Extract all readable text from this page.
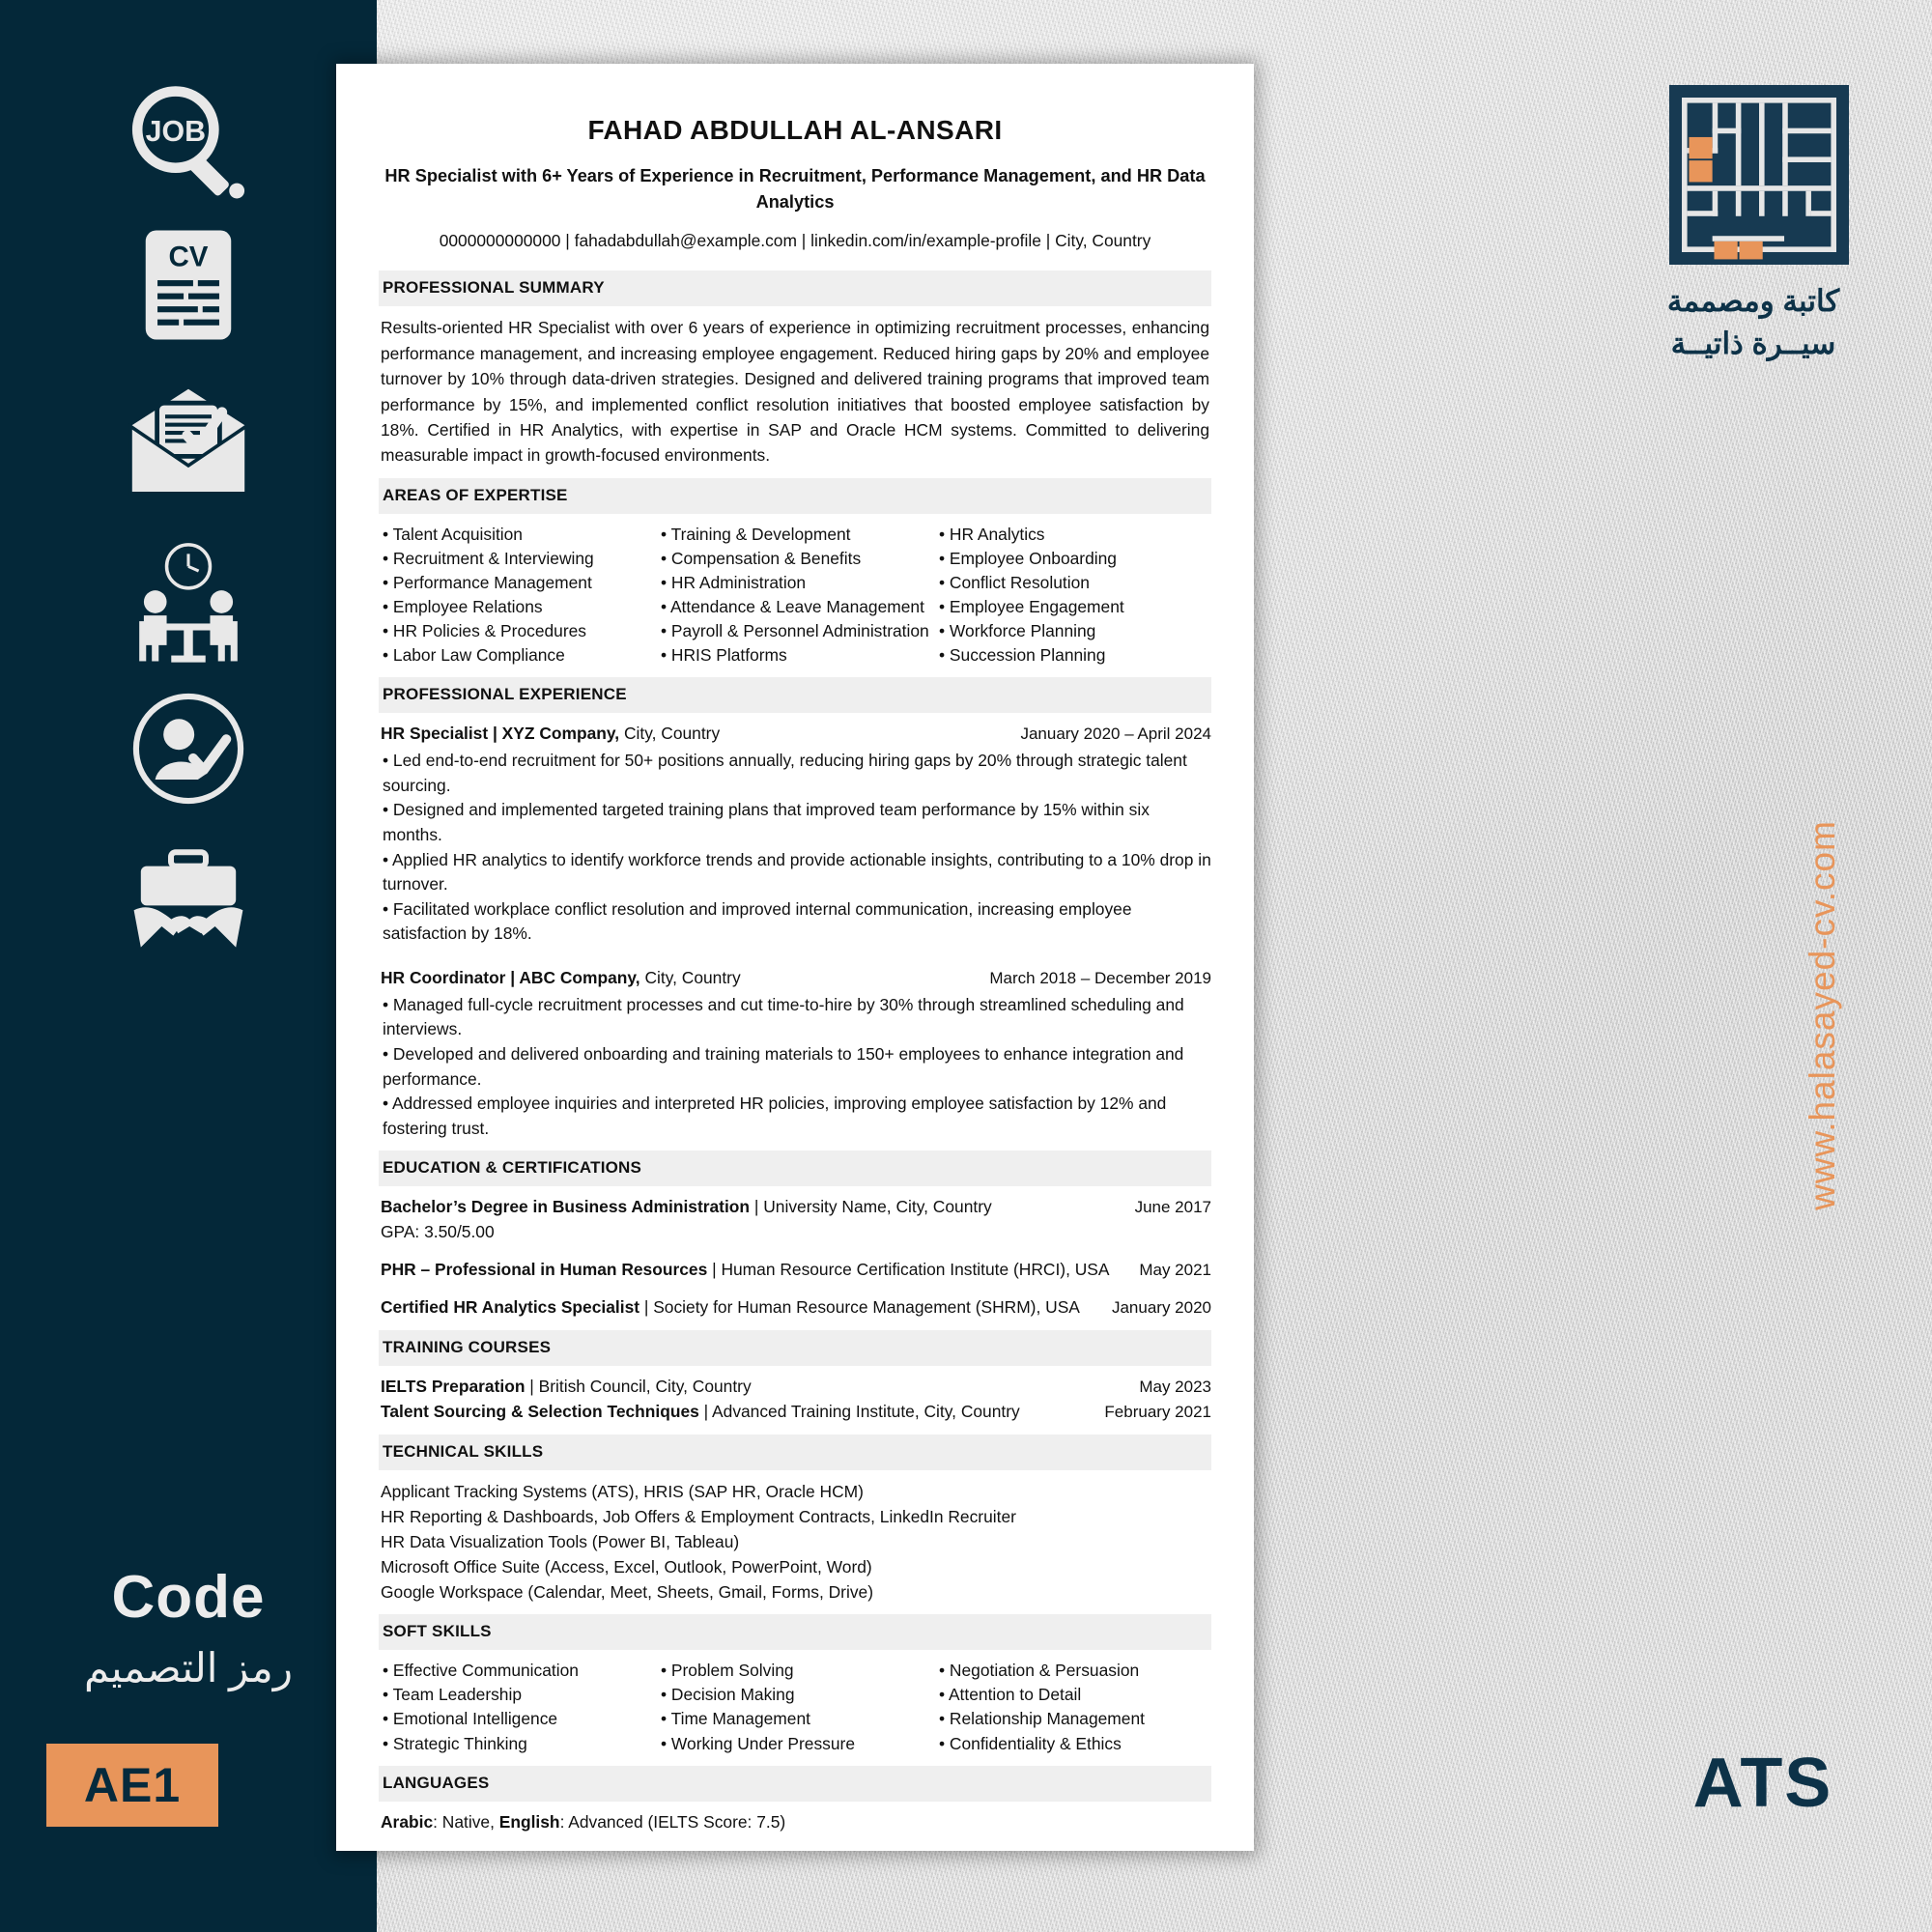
JOB
CV
Code
رمز التصميم
AE1
FAHAD ABDULLAH AL-ANSARI
HR Specialist with 6+ Years of Experience in Recruitment, Performance Management, and HR Data Analytics
0000000000000 | fahadabdullah@example.com | linkedin.com/in/example-profile | City, Country
PROFESSIONAL SUMMARY
Results-oriented HR Specialist with over 6 years of experience in optimizing recruitment processes, enhancing performance management, and increasing employee engagement. Reduced hiring gaps by 20% and employee turnover by 10% through data-driven strategies. Designed and delivered training programs that improved team performance by 15%, and implemented conflict resolution initiatives that boosted employee satisfaction by 18%. Certified in HR Analytics, with expertise in SAP and Oracle HCM systems. Committed to delivering measurable impact in growth-focused environments.
AREAS OF EXPERTISE
• Talent Acquisition	• Training & Development	• HR Analytics
• Recruitment & Interviewing	• Compensation & Benefits	• Employee Onboarding
• Performance Management	• HR Administration	• Conflict Resolution
• Employee Relations	• Attendance & Leave Management • Employee Engagement
• HR Policies & Procedures	• Payroll & Personnel Administration • Workforce Planning
• Labor Law Compliance	• HRIS Platforms	• Succession Planning
PROFESSIONAL EXPERIENCE
HR Specialist | XYZ Company, City, Country	January 2020 – April 2024
• Led end-to-end recruitment for 50+ positions annually, reducing hiring gaps by 20% through strategic talent sourcing.
• Designed and implemented targeted training plans that improved team performance by 15% within six months.
• Applied HR analytics to identify workforce trends and provide actionable insights, contributing to a 10% drop in turnover.
• Facilitated workplace conflict resolution and improved internal communication, increasing employee satisfaction by 18%.
HR Coordinator | ABC Company, City, Country	March 2018 – December 2019
• Managed full-cycle recruitment processes and cut time-to-hire by 30% through streamlined scheduling and interviews.
• Developed and delivered onboarding and training materials to 150+ employees to enhance integration and performance.
• Addressed employee inquiries and interpreted HR policies, improving employee satisfaction by 12% and fostering trust.
EDUCATION & CERTIFICATIONS
Bachelor’s Degree in Business Administration | University Name, City, Country	June 2017
GPA: 3.50/5.00
PHR – Professional in Human Resources | Human Resource Certification Institute (HRCI), USA May 2021
Certified HR Analytics Specialist | Society for Human Resource Management (SHRM), USA January 2020
TRAINING COURSES
IELTS Preparation | British Council, City, Country	May 2023
Talent Sourcing & Selection Techniques | Advanced Training Institute, City, Country	February 2021
TECHNICAL SKILLS
Applicant Tracking Systems (ATS), HRIS (SAP HR, Oracle HCM)
HR Reporting & Dashboards, Job Offers & Employment Contracts, LinkedIn Recruiter
HR Data Visualization Tools (Power BI, Tableau)
Microsoft Office Suite (Access, Excel, Outlook, PowerPoint, Word)
Google Workspace (Calendar, Meet, Sheets, Gmail, Forms, Drive)
SOFT SKILLS
• Effective Communication	• Problem Solving	• Negotiation & Persuasion
• Team Leadership	• Decision Making	• Attention to Detail
• Emotional Intelligence	• Time Management	• Relationship Management
• Strategic Thinking	• Working Under Pressure	• Confidentiality & Ethics
LANGUAGES
Arabic: Native, English: Advanced (IELTS Score: 7.5)
كاتبة ومصممة
سيــرة ذاتيــة
www.halasayed-cv.com
ATS
